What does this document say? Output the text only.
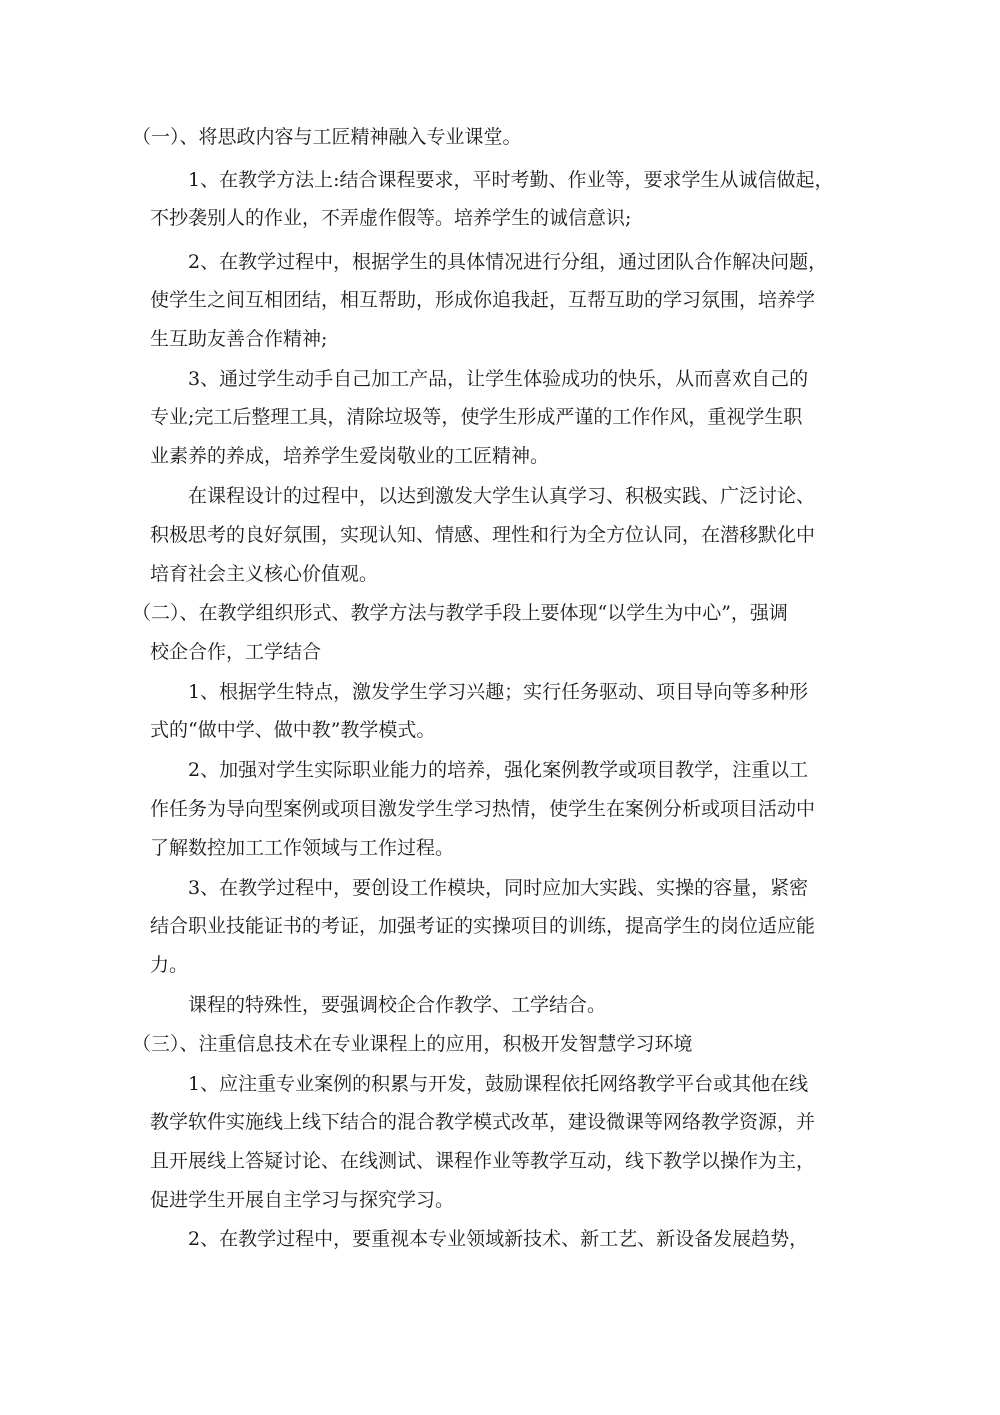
（一）、将思政内容与工匠精神融入专业课堂。
1、在教学方法上:结合课程要求，平时考勤、作业等，要求学生从诚信做起，
不抄袭别人的作业，不弄虚作假等。培养学生的诚信意识;
2、在教学过程中，根据学生的具体情况进行分组，通过团队合作解决问题，
使学生之间互相团结，相互帮助，形成你追我赶，互帮互助的学习氛围，培养学
生互助友善合作精神;
3、通过学生动手自己加工产品，让学生体验成功的快乐，从而喜欢自己的
专业;完工后整理工具，清除垃圾等，使学生形成严谨的工作作风，重视学生职
业素养的养成，培养学生爱岗敬业的工匠精神。
在课程设计的过程中，以达到激发大学生认真学习、积极实践、广泛讨论、
积极思考的良好氛围，实现认知、情感、理性和行为全方位认同，在潜移默化中
培育社会主义核心价值观。
（二）、在教学组织形式、教学方法与教学手段上要体现“以学生为中心”，强调
校企合作，工学结合
1、根据学生特点，激发学生学习兴趣；实行任务驱动、项目导向等多种形
式的“做中学、做中教”教学模式。
2、加强对学生实际职业能力的培养，强化案例教学或项目教学，注重以工
作任务为导向型案例或项目激发学生学习热情，使学生在案例分析或项目活动中
了解数控加工工作领域与工作过程。
3、在教学过程中，要创设工作模块，同时应加大实践、实操的容量，紧密
结合职业技能证书的考证，加强考证的实操项目的训练，提高学生的岗位适应能
力。
课程的特殊性，要强调校企合作教学、工学结合。
（三）、注重信息技术在专业课程上的应用，积极开发智慧学习环境
1、应注重专业案例的积累与开发，鼓励课程依托网络教学平台或其他在线
教学软件实施线上线下结合的混合教学模式改革，建设微课等网络教学资源，并
且开展线上答疑讨论、在线测试、课程作业等教学互动，线下教学以操作为主，
促进学生开展自主学习与探究学习。
2、在教学过程中，要重视本专业领域新技术、新工艺、新设备发展趋势，
